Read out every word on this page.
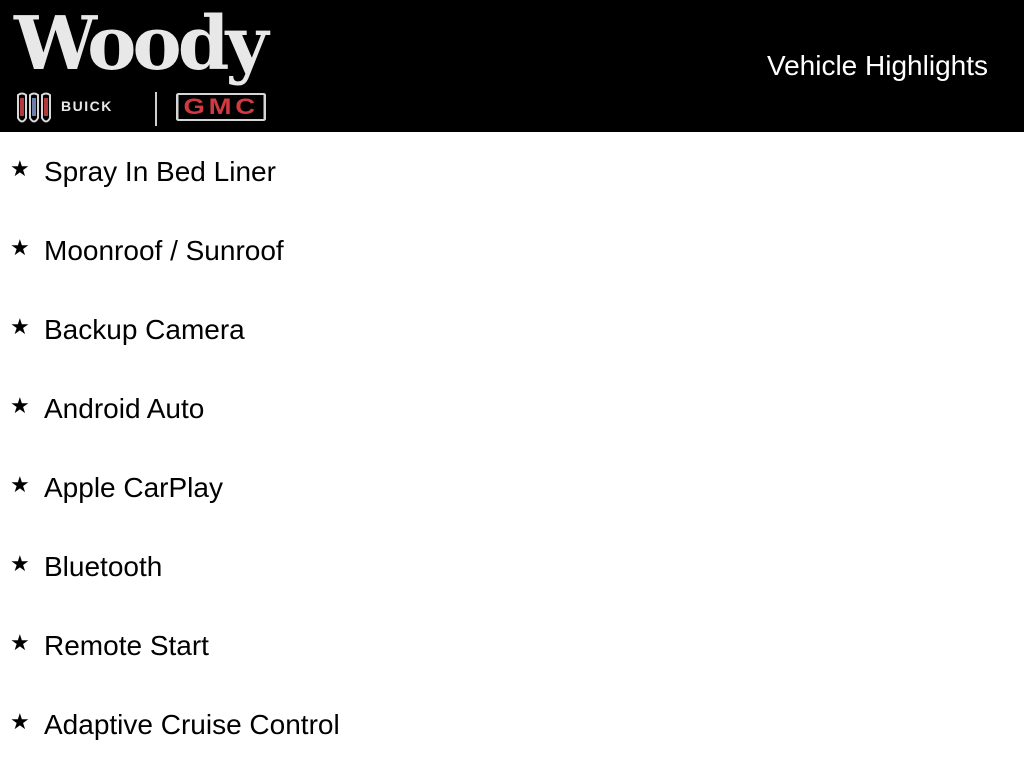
Woody
BUICK	GMC
Vehicle Highlights
★ Spray In Bed Liner
★ Moonroof / Sunroof
★ Backup Camera
★ Android Auto
★ Apple CarPlay
★ Bluetooth
★ Remote Start
★ Adaptive Cruise Control
